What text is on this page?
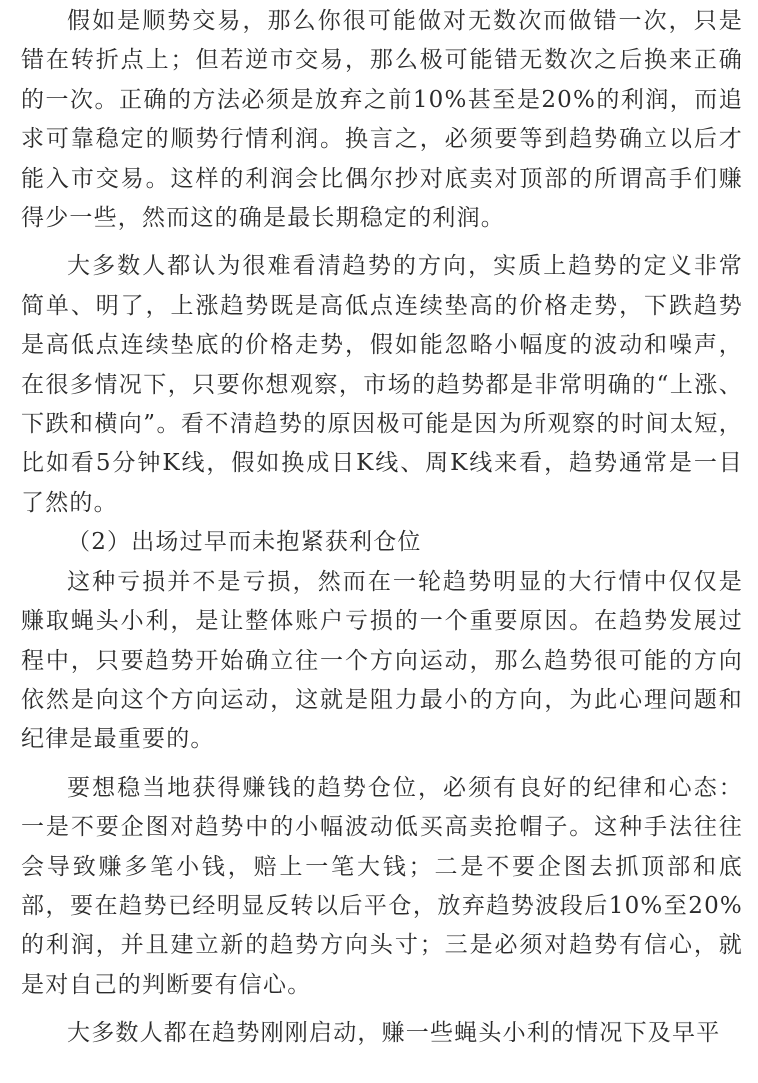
假如是顺势交易，那么你很可能做对无数次而做错一次，只是错在转折点上；但若逆市交易，那么极可能错无数次之后换来正确的一次。正确的方法必须是放弃之前10%甚至是20%的利润，而追求可靠稳定的顺势行情利润。换言之，必须要等到趋势确立以后才能入市交易。这样的利润会比偶尔抄对底卖对顶部的所谓高手们赚得少一些，然而这的确是最长期稳定的利润。

大多数人都认为很难看清趋势的方向，实质上趋势的定义非常简单、明了，上涨趋势既是高低点连续垫高的价格走势，下跌趋势是高低点连续垫底的价格走势，假如能忽略小幅度的波动和噪声，在很多情况下，只要你想观察，市场的趋势都是非常明确的“上涨、下跌和横向”。看不清趋势的原因极可能是因为所观察的时间太短，比如看5分钟K线，假如换成日K线、周K线来看，趋势通常是一目了然的。

（2）出场过早而未抱紧获利仓位

这种亏损并不是亏损，然而在一轮趋势明显的大行情中仅仅是赚取蝇头小利，是让整体账户亏损的一个重要原因。在趋势发展过程中，只要趋势开始确立往一个方向运动，那么趋势很可能的方向依然是向这个方向运动，这就是阻力最小的方向，为此心理问题和纪律是最重要的。

要想稳当地获得赚钱的趋势仓位，必须有良好的纪律和心态：一是不要企图对趋势中的小幅波动低买高卖抢帽子。这种手法往往会导致赚多笔小钱，赔上一笔大钱；二是不要企图去抓顶部和底部，要在趋势已经明显反转以后平仓，放弃趋势波段后10%至20%的利润，并且建立新的趋势方向头寸；三是必须对趋势有信心，就是对自己的判断要有信心。

大多数人都在趋势刚刚启动，赚一些蝇头小利的情况下及早平
